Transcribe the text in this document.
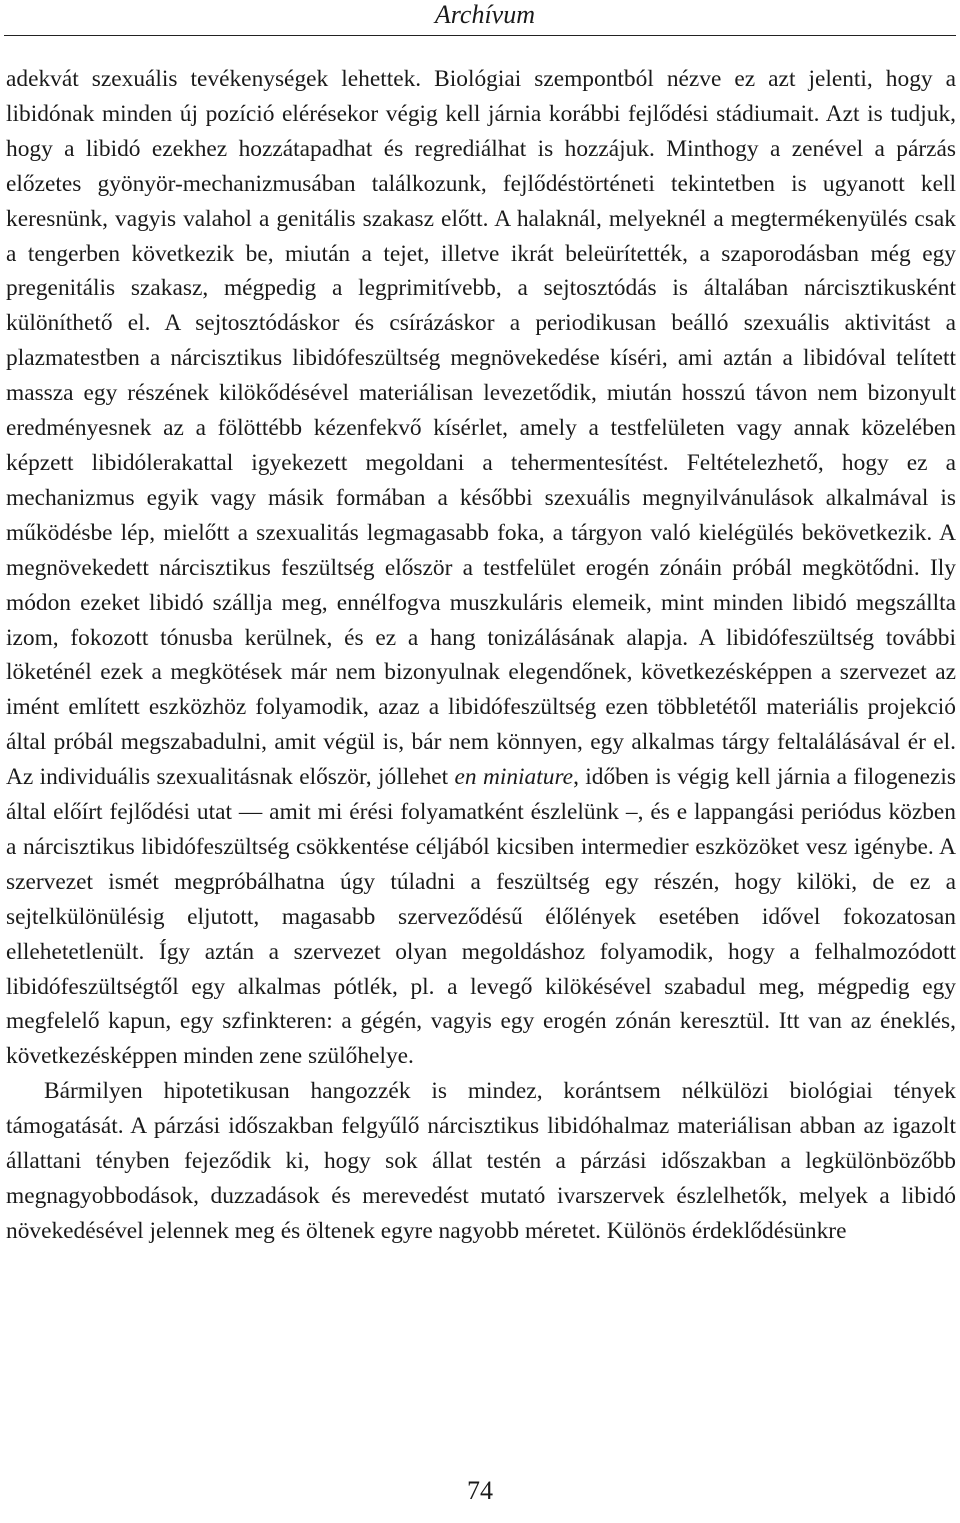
Archívum

adekvát szexuális tevékenységek lehettek. Biológiai szempontból nézve ez azt jelenti, hogy a libidónak minden új pozíció elérésekor végig kell járnia korábbi fejlődési stádiumait. Azt is tudjuk, hogy a libidó ezekhez hozzátapadhat és regrediálhat is hozzájuk. Minthogy a zenével a párzás előzetes gyönyör-mechanizmusában találkozunk, fejlődéstörténeti tekintetben is ugyanott kell keresnünk, vagyis valahol a genitális szakasz előtt. A halaknál, melyeknél a megtermékenyülés csak a tengerben következik be, miután a tejet, illetve ikrát beleürítették, a szaporodásban még egy pregenitális szakasz, mégpedig a legprimitívebb, a sejtosztódás is általában nárcisztikusként különíthető el. A sejtosztódáskor és csírázáskor a periodikusan beálló szexuális aktivitást a plazmatestben a nárcisztikus libidófeszültség megnövekedése kíséri, ami aztán a libidóval telített massza egy részének kilökődésével materiálisan levezetődik, miután hosszú távon nem bizonyult eredményesnek az a fölöttébb kézenfekvő kísérlet, amely a testfelületen vagy annak közelében képzett libidólerakattal igyekezett megoldani a tehermentesítést. Feltételezhető, hogy ez a mechanizmus egyik vagy másik formában a későbbi szexuális megnyilvánulások alkalmával is működésbe lép, mielőtt a szexualitás legmagasabb foka, a tárgyon való kielégülés bekövetkezik. A megnövekedett nárcisztikus feszültség először a testfelület erogén zónáin próbál megkötődni. Ily módon ezeket libidó szállja meg, ennélfogva muszkuláris elemeik, mint minden libidó megszállta izom, fokozott tónusba kerülnek, és ez a hang tonizálásának alapja. A libidófeszültség további löketénél ezek a megkötések már nem bizonyulnak elegendőnek, következésképpen a szervezet az imént említett eszközhöz folyamodik, azaz a libidófeszültség ezen többletétől materiális projekció által próbál megszabadulni, amit végül is, bár nem könnyen, egy alkalmas tárgy feltalálásával ér el. Az individuális szexualitásnak először, jóllehet en miniature, időben is végig kell járnia a filogenezis által előírt fejlődési utat — amit mi érési folyamatként észlelünk –, és e lappangási periódus közben a nárcisztikus libidófeszültség csökkentése céljából kicsiben intermedier eszközöket vesz igénybe. A szervezet ismét megpróbálhatna úgy túladni a feszültség egy részén, hogy kilöki, de ez a sejtelkülönülésig eljutott, magasabb szerveződésű élőlények esetében idővel fokozatosan ellehetetlenült. Így aztán a szervezet olyan megoldáshoz folyamodik, hogy a felhalmozódott libidófeszültségtől egy alkalmas pótlék, pl. a levegő kilökésével szabadul meg, mégpedig egy megfelelő kapun, egy szfinkteren: a gégén, vagyis egy erogén zónán keresztül. Itt van az éneklés, következésképpen minden zene szülőhelye.

Bármilyen hipotetikusan hangozzék is mindez, korántsem nélkülözi biológiai tények támogatását. A párzási időszakban felgyűlő nárcisztikus libidóhalmaz materiálisan abban az igazolt állattani tényben fejeződik ki, hogy sok állat testén a párzási időszakban a legkülönbözőbb megnagyobbodások, duzzadások és merevedést mutató ivarszervek észlelhetők, melyek a libidó növekedésével jelennek meg és öltenek egyre nagyobb méretet. Különös érdeklődésünkre

74
